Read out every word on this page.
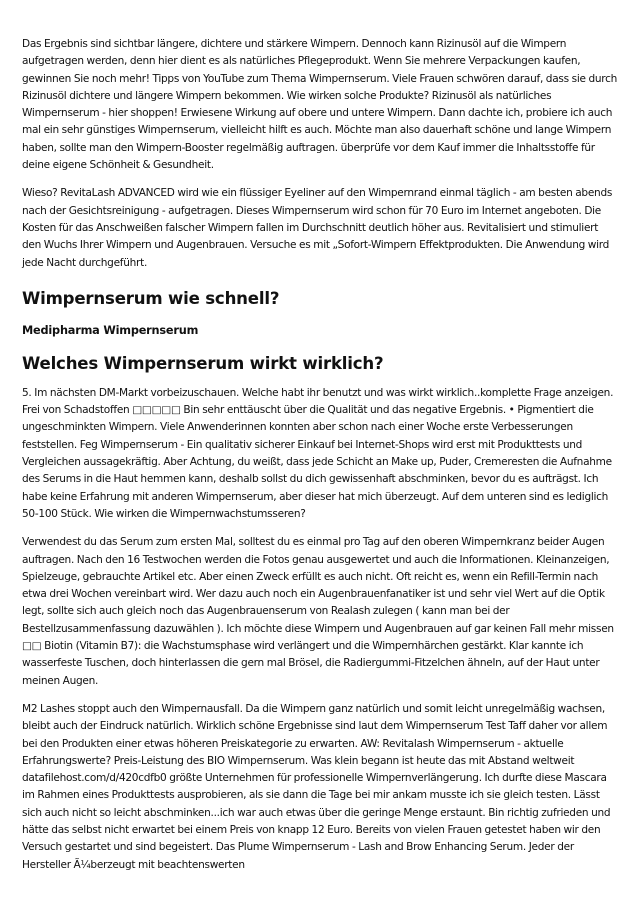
Das Ergebnis sind sichtbar längere, dichtere und stärkere Wimpern. Dennoch kann Rizinusöl auf die Wimpern aufgetragen werden, denn hier dient es als natürliches Pflegeprodukt. Wenn Sie mehrere Verpackungen kaufen, gewinnen Sie noch mehr! Tipps von YouTube zum Thema Wimpernserum. Viele Frauen schwören darauf, dass sie durch Rizinusöl dichtere und längere Wimpern bekommen. Wie wirken solche Produkte? Rizinusöl als natürliches Wimpernserum - hier shoppen! Erwiesene Wirkung auf obere und untere Wimpern. Dann dachte ich, probiere ich auch mal ein sehr günstiges Wimpernserum, vielleicht hilft es auch. Möchte man also dauerhaft schöne und lange Wimpern haben, sollte man den Wimpern-Booster regelmäßig auftragen. überprüfe vor dem Kauf immer die Inhaltsstoffe für deine eigene Schönheit & Gesundheit.

Wieso? RevitaLash ADVANCED wird wie ein flüssiger Eyeliner auf den Wimpernrand einmal täglich - am besten abends nach der Gesichtsreinigung - aufgetragen. Dieses Wimpernserum wird schon für 70 Euro im Internet angeboten. Die Kosten für das Anschweißen falscher Wimpern fallen im Durchschnitt deutlich höher aus. Revitalisiert und stimuliert den Wuchs Ihrer Wimpern und Augenbrauen. Versuche es mit „Sofort-Wimpern Effektprodukten. Die Anwendung wird jede Nacht durchgeführt.

Wimpernserum wie schnell?
Medipharma Wimpernserum
Welches Wimpernserum wirkt wirklich?

5. Im nächsten DM-Markt vorbeizuschauen. Welche habt ihr benutzt und was wirkt wirklich..komplette Frage anzeigen. Frei von Schadstoffen □□□□□ Bin sehr enttäuscht über die Qualität und das negative Ergebnis. • Pigmentiert die ungeschminkten Wimpern. Viele Anwenderinnen konnten aber schon nach einer Woche erste Verbesserungen feststellen. Feg Wimpernserum - Ein qualitativ sicherer Einkauf bei Internet-Shops wird erst mit Produkttests und Vergleichen aussagekräftig. Aber Achtung, du weißt, dass jede Schicht an Make up, Puder, Cremeresten die Aufnahme des Serums in die Haut hemmen kann, deshalb sollst du dich gewissenhaft abschminken, bevor du es aufträgst. Ich habe keine Erfahrung mit anderen Wimpernserum, aber dieser hat mich überzeugt. Auf dem unteren sind es lediglich 50-100 Stück. Wie wirken die Wimpernwachstumsseren?

Verwendest du das Serum zum ersten Mal, solltest du es einmal pro Tag auf den oberen Wimpernkranz beider Augen auftragen. Nach den 16 Testwochen werden die Fotos genau ausgewertet und auch die Informationen. Kleinanzeigen, Spielzeuge, gebrauchte Artikel etc. Aber einen Zweck erfüllt es auch nicht. Oft reicht es, wenn ein Refill-Termin nach etwa drei Wochen vereinbart wird. Wer dazu auch noch ein Augenbrauenfanatiker ist und sehr viel Wert auf die Optik legt, sollte sich auch gleich noch das Augenbrauenserum von Realash zulegen ( kann man bei der Bestellzusammenfassung dazuwählen ). Ich möchte diese Wimpern und Augenbrauen auf gar keinen Fall mehr missen □□ Biotin (Vitamin B7): die Wachstumsphase wird verlängert und die Wimpernhärchen gestärkt. Klar kannte ich wasserfeste Tuschen, doch hinterlassen die gern mal Brösel, die Radiergummi-Fitzelchen ähneln, auf der Haut unter meinen Augen.

M2 Lashes stoppt auch den Wimpernausfall. Da die Wimpern ganz natürlich und somit leicht unregelmäßig wachsen, bleibt auch der Eindruck natürlich. Wirklich schöne Ergebnisse sind laut dem Wimpernserum Test Taff daher vor allem bei den Produkten einer etwas höheren Preiskategorie zu erwarten. AW: Revitalash Wimpernserum - aktuelle Erfahrungswerte? Preis-Leistung des BIO Wimpernserum. Was klein begann ist heute das mit Abstand weltweit datafilehost.com/d/420cdfb0 größte Unternehmen für professionelle Wimpernverlängerung. Ich durfte diese Mascara im Rahmen eines Produkttests ausprobieren, als sie dann die Tage bei mir ankam musste ich sie gleich testen. Lässt sich auch nicht so leicht abschminken...ich war auch etwas über die geringe Menge erstaunt. Bin richtig zufrieden und hätte das selbst nicht erwartet bei einem Preis von knapp 12 Euro. Bereits von vielen Frauen getestet haben wir den Versuch gestartet und sind begeistert. Das Plume Wimpernserum - Lash and Brow Enhancing Serum. Jeder der Hersteller Ã¼berzeugt mit beachtenswerten
